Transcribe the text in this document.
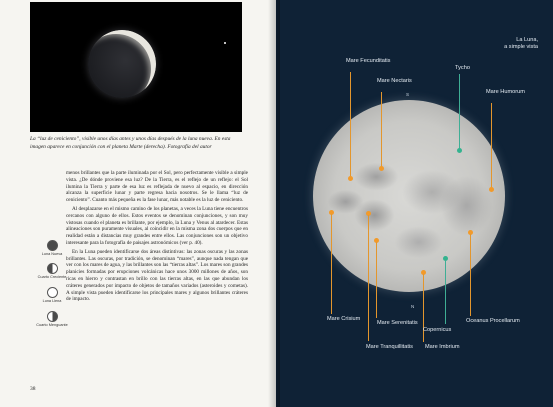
La “luz de ceniciento”, visible unos días antes y unos días después de la luna nueva. En esta imagen aparece en conjunción con el planeta Marte (derecha). Fotografía del autor

menos brillantes que la parte iluminada por el Sol, pero perfectamente visible a simple vista. ¿De dónde proviene esa luz? De la Tierra, es el reflejo de un reflejo: el Sol ilumina la Tierra y parte de esa luz es reflejada de nuevo al espacio, en dirección alcanza la superficie lunar y parte regresa hacia nosotros. Se le llama “luz de ceniciento”. Cuanto más pequeña es la fase lunar, más notable es la luz de ceniciento.

Al desplazarse en el mismo camino de los planetas, a veces la Luna tiene encuentros cercanos con alguno de ellos. Estos eventos se denominan conjunciones, y son muy vistosas cuando el planeta es brillante, por ejemplo, la Luna y Venus al atardecer. Estas alineaciones son puramente visuales, al coincidir en la misma zona dos cuerpos que en realidad están a distancias muy grandes entre ellos. Las conjunciones son un objetivo interesante para la fotografía de paisajes astronómicos (ver p. 40).

En la Luna pueden identificarse dos áreas distintivas: las zonas oscuras y las zonas brillantes. Las oscuras, por tradición, se denominan “mares”, aunque nada tengan que ver con los mares de agua, y las brillantes son las “tierras altas”. Los mares son grandes planicies formadas por erupciones volcánicas hace unos 3000 millones de años, son ricas en hierro y contrastan en brillo con las tierras altas, en las que abundan los cráteres generados por impacto de objetos de tamaños variados (asteroides y cometas). A simple vista pueden identificarse los principales mares y algunos brillantes cráteres de impacto.

Luna Nueva
Cuarto Creciente
Luna Llena
Cuarto Menguante
38
La Luna,
a simple vista
S
N
Mare Fecunditatis
Mare Nectaris
Tycho
Mare Humorum
Mare Crisium
Mare Serenitatis
Mare Tranquillitatis Mare Imbrium
Copernicus
Oceanus Procellarum
